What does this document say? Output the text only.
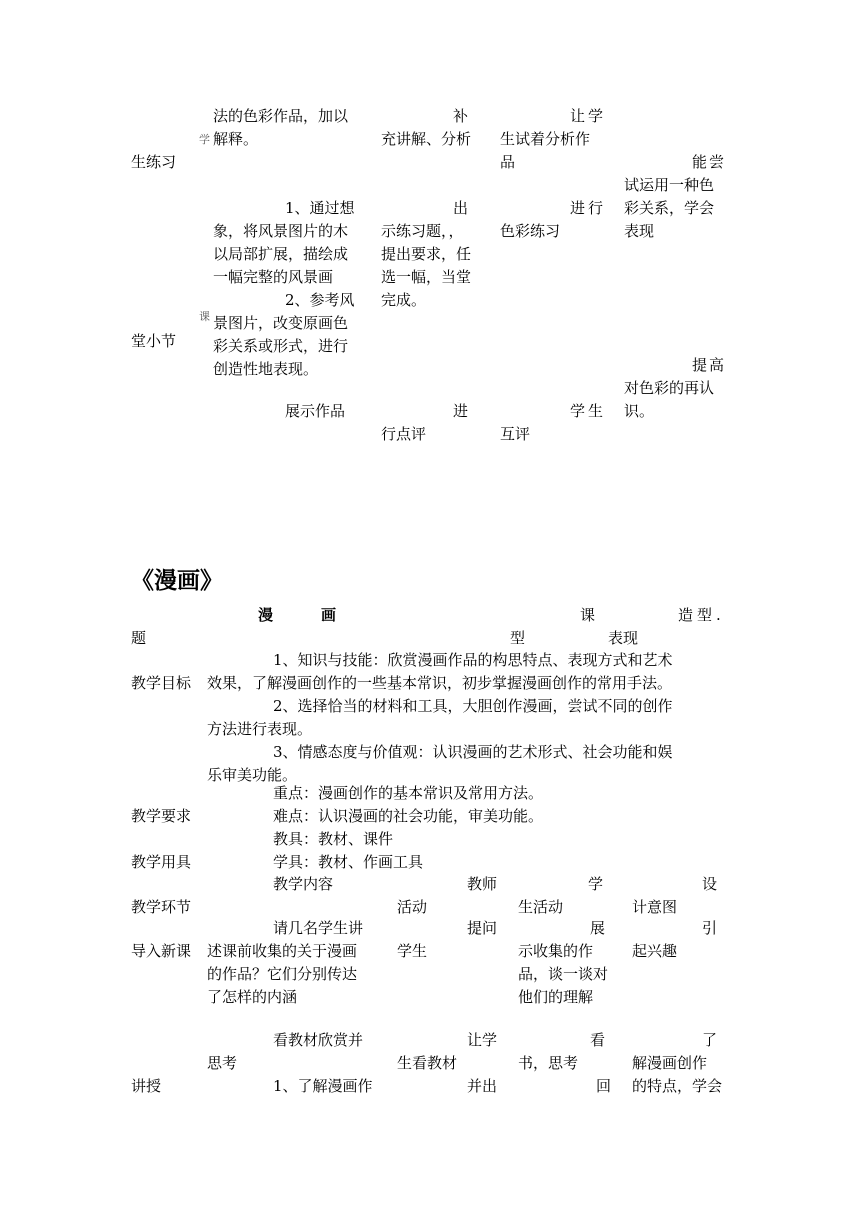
学
生练习
课
堂小节
法的色彩作品，加以
解释。
1、通过想
象，将风景图片的木
以局部扩展，描绘成
一幅完整的风景画
2、参考风
景图片，改变原画色
彩关系或形式，进行
创造性地表现。
展示作品
补
充讲解、分析
出
示练习题，，
提出要求，任
选一幅，当堂
完成。
进
行点评
让学
生试着分析作
品
进行
色彩练习
学生
互评
能尝
试运用一种色
彩关系，学会
表现
提高
对色彩的再认
识。
《漫画》
题
漫　　画	课
型
造型.
表现
教学目标
1、知识与技能：欣赏漫画作品的构思特点、表现方式和艺术
效果，了解漫画创作的一些基本常识，初步掌握漫画创作的常用手法。
2、选择恰当的材料和工具，大胆创作漫画，尝试不同的创作
方法进行表现。
3、情感态度与价值观：认识漫画的艺术形式、社会功能和娱
乐审美功能。
教学要求
重点：漫画创作的基本常识及常用方法。
难点：认识漫画的社会功能，审美功能。
教学用具
教具：教材、课件
学具：教材、作画工具
教学环节
教学内容	教师
活动
学
生活动
设
计意图
导入新课
请几名学生讲
述课前收集的关于漫画
的作品？它们分别传达
了怎样的内涵
提问
学生
展
示收集的作
品，谈一谈对
他们的理解
引
起兴趣
讲授
看教材欣赏并
思考
1、了解漫画作
让学
生看教材
并出
看
书，思考
回
了
解漫画创作
的特点，学会
